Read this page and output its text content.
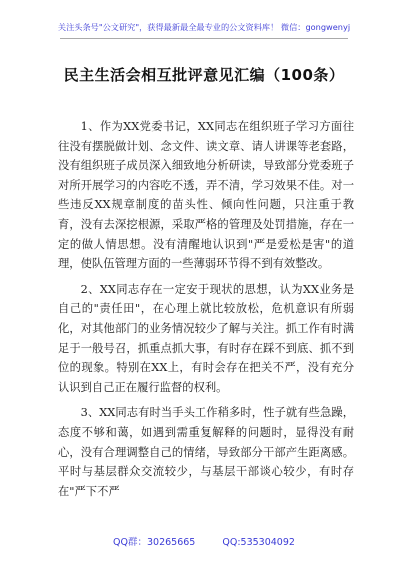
关注头条号"公文研究"，获得最新最全最专业的公文资料库！ 微信：gongwenyj
民主生活会相互批评意见汇编（100条）

1、作为XX党委书记，XX同志在组织班子学习方面往往没有摆脱做计划、念文件、读文章、请人讲课等老套路，没有组织班子成员深入细致地分析研读，导致部分党委班子对所开展学习的内容吃不透，弄不清，学习效果不佳。对一些违反XX规章制度的苗头性、倾向性问题，只注重于教育，没有去深挖根源，采取严格的管理及处罚措施，存在一定的做人情思想。没有清醒地认识到"严是爱松是害"的道理，使队伍管理方面的一些薄弱环节得不到有效整改。

2、XX同志存在一定安于现状的思想，认为XX业务是自己的"责任田"，在心理上就比较放松，危机意识有所弱化，对其他部门的业务情况较少了解与关注。抓工作有时满足于一般号召，抓重点抓大事，有时存在踩不到底、抓不到位的现象。特别在XX上，有时会存在把关不严，没有充分认识到自己正在履行监督的权利。

3、XX同志有时当手头工作稍多时，性子就有些急躁，态度不够和蔼，如遇到需重复解释的问题时，显得没有耐心，没有合理调整自己的情绪，导致部分干部产生距离感。平时与基层群众交流较少，与基层干部谈心较少，有时存在"严下不严

QQ群：30265665	QQ:535304092
